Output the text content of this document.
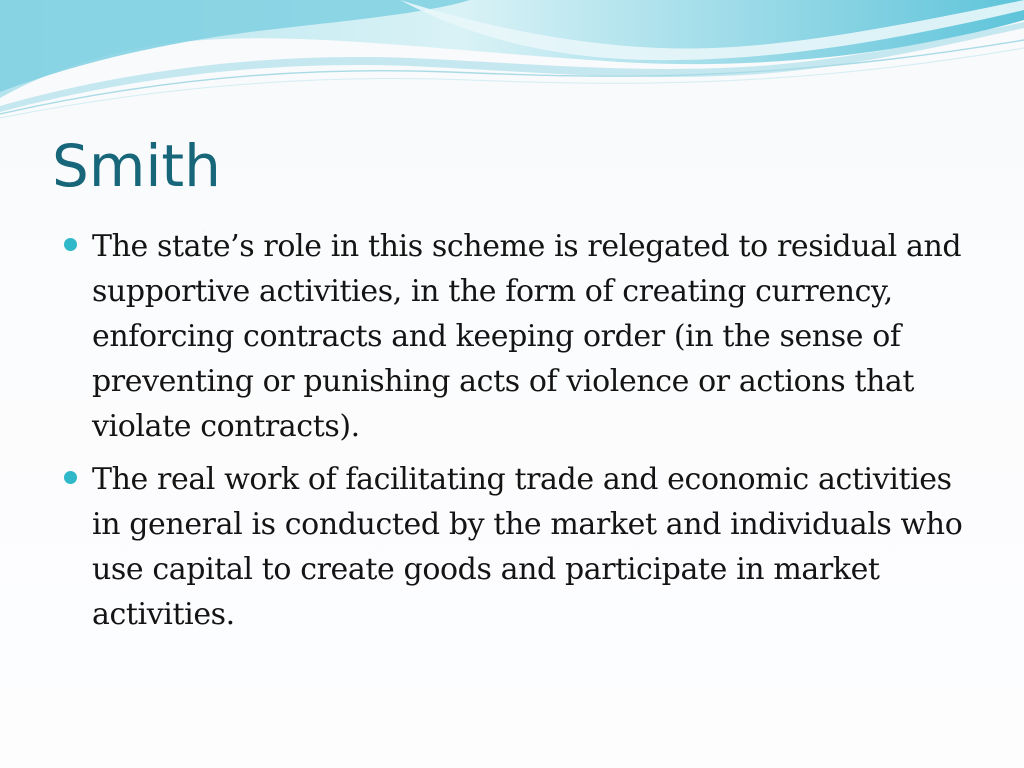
Smith
The state’s role in this scheme is relegated to residual and supportive activities, in the form of creating currency, enforcing contracts and keeping order (in the sense of preventing or punishing acts of violence or actions that violate contracts).
The real work of facilitating trade and economic activities in general is conducted by the market and individuals who use capital to create goods and participate in market activities.
